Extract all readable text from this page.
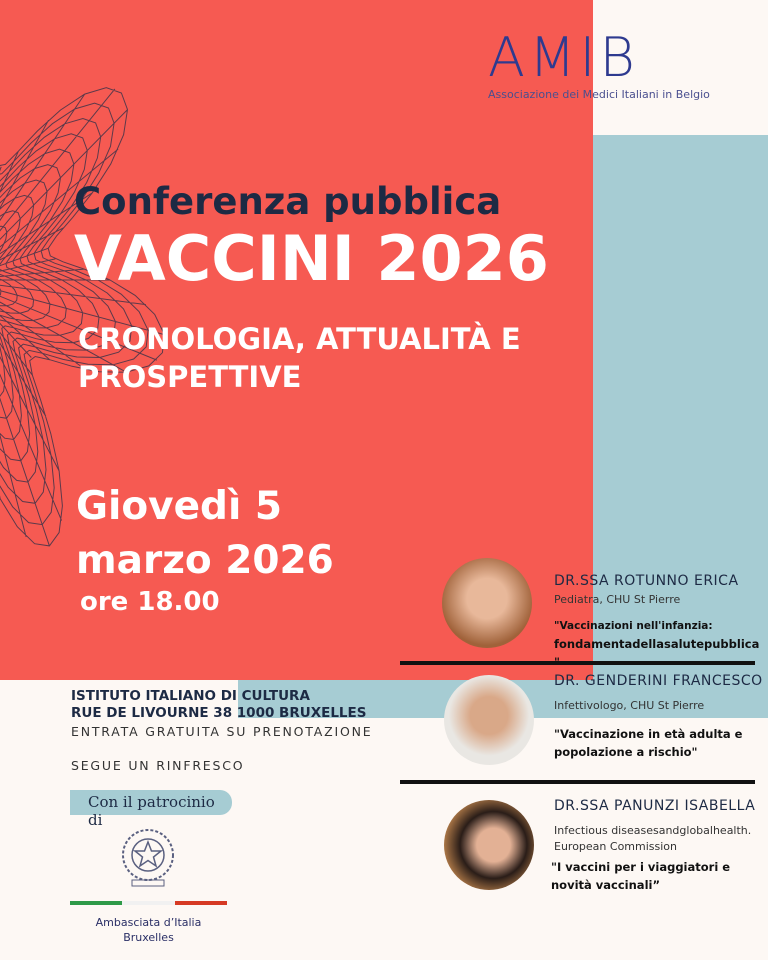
AMIB
Associazione dei Medici Italiani in Belgio
Conferenza pubblica
VACCINI 2026
CRONOLOGIA, ATTUALITÀ E PROSPETTIVE
Giovedì 5
marzo 2026
ore 18.00
DR.SSA ROTUNNO ERICA
Pediatra, CHU St Pierre
"Vaccinazioni nell'infanzia:
fondamentadellasalutepubblica
DR. GENDERINI FRANCESCO
Infettivologo, CHU St Pierre
"Vaccinazione in età adulta e
popolazione a rischio"
DR.SSA PANUNZI ISABELLA
Infectious diseasesandglobalhealth.
European Commission
"I vaccini per i viaggiatori e
novità vaccinali”
ISTITUTO ITALIANO DI CULTURA
RUE DE LIVOURNE 38 1000 BRUXELLES
ENTRATA GRATUITA SU PRENOTAZIONE
SEGUE UN RINFRESCO
Con il patrocinio di
Ambasciata d’Italia
Bruxelles
